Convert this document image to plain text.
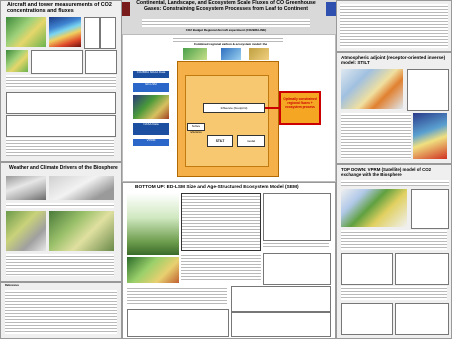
Continental, Landscape, and Ecosystem Scale Fluxes of CO Greenhouse Gases: Constraining Ecosystem Processes from Leaf to Continent
CO2 Budget Regional Aircraft experiment (CO2BRA-INE)
Aircraft and tower measurements of CO2 concentrations and fluxes
Weather and Climate Drivers of the Biosphere
References
Combined regional carbon & ecosystem model: the
CO2BRA NOAA Data
ED-LSM
NASA Data
VPRM
Influence (Footprint)
STILT
Surface reflectance
model
Optimally constrained regional fluxes + ecosystem process
BOTTOM UP: ED-LSM Size and Age-Structured Ecosystem Model (SEM)
Atmospheric adjoint (receptor-oriented inverse) model: STILT
TOP DOWN: VPRM (Satellite) model of CO2 exchange with the Biosphere
